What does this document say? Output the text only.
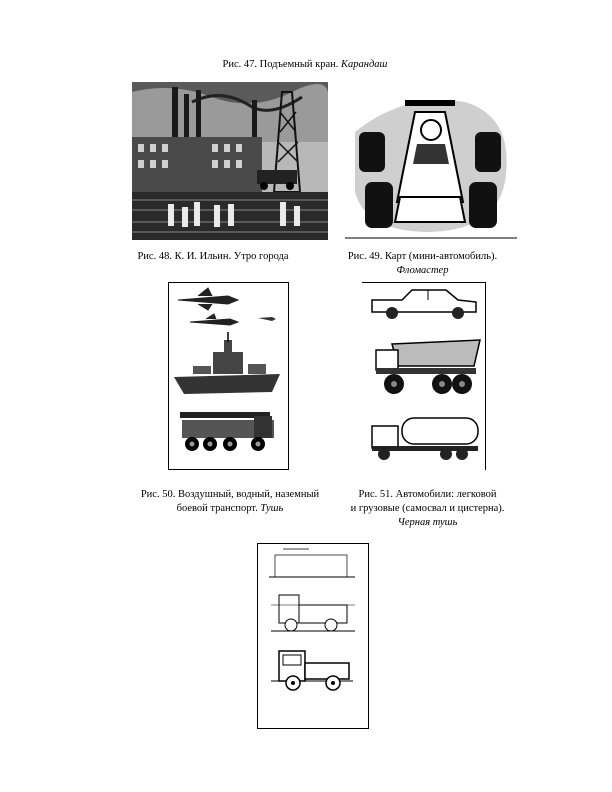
Рис. 47. Подъемный кран. Карандаш
Рис. 48. К. И. Ильин. Утро города	Рис. 49. Карт (мини-автомобиль).
Фломастер
Рис. 50. Воздушный, водный, наземный
боевой транспорт. Тушь
Рис. 51. Автомобили: легковой
и грузовые (самосвал и цистерна).
Черная тушь
